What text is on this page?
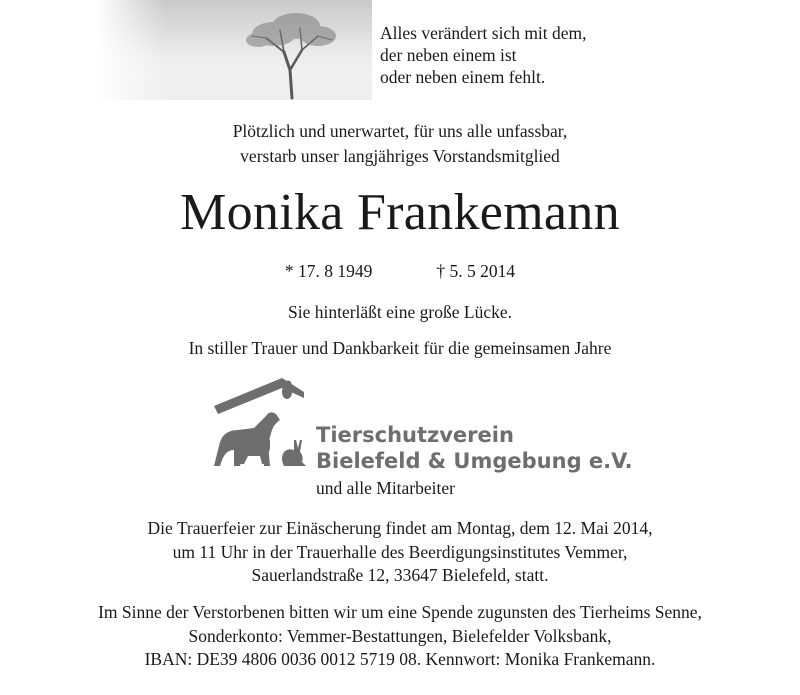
Alles verändert sich mit dem,
der neben einem ist
oder neben einem fehlt.
Plötzlich und unerwartet, für uns alle unfassbar,
verstarb unser langjähriges Vorstandsmitglied
Monika Frankemann
* 17. 8 1949	† 5. 5 2014
Sie hinterläßt eine große Lücke.
In stiller Trauer und Dankbarkeit für die gemeinsamen Jahre
Tierschutzverein
Bielefeld & Umgebung e.V.
und alle Mitarbeiter
Die Trauerfeier zur Einäscherung findet am Montag, dem 12. Mai 2014,
um 11 Uhr in der Trauerhalle des Beerdigungsinstitutes Vemmer,
Sauerlandstraße 12, 33647 Bielefeld, statt.
Im Sinne der Verstorbenen bitten wir um eine Spende zugunsten des Tierheims Senne,
Sonderkonto: Vemmer-Bestattungen, Bielefelder Volksbank,
IBAN: DE39 4806 0036 0012 5719 08. Kennwort: Monika Frankemann.
